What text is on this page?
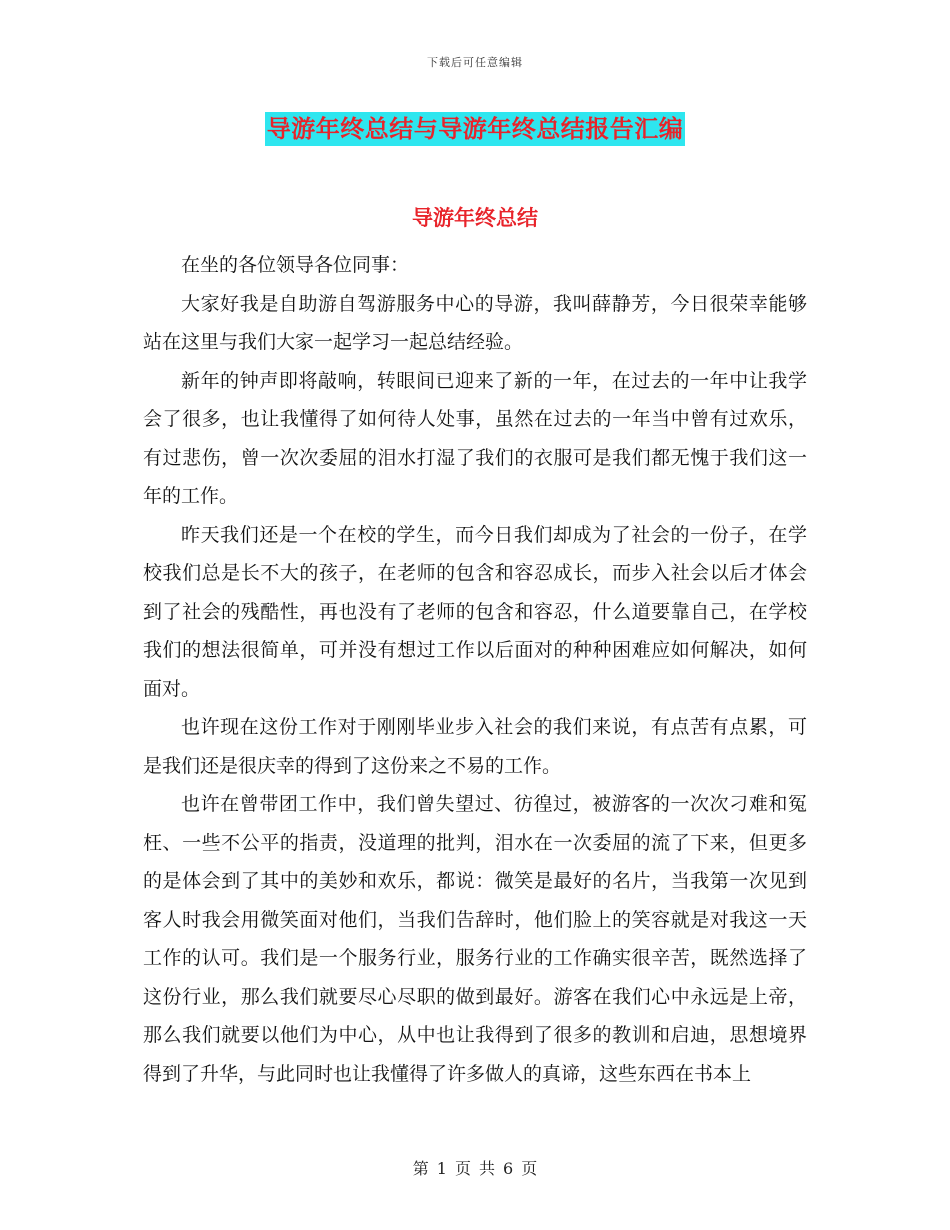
下载后可任意编辑
导游年终总结与导游年终总结报告汇编
导游年终总结

在坐的各位领导各位同事：

大家好我是自助游自驾游服务中心的导游，我叫薛静芳，今日很荣幸能够站在这里与我们大家一起学习一起总结经验。

新年的钟声即将敲响，转眼间已迎来了新的一年，在过去的一年中让我学会了很多，也让我懂得了如何待人处事，虽然在过去的一年当中曾有过欢乐，有过悲伤，曾一次次委屈的泪水打湿了我们的衣服可是我们都无愧于我们这一年的工作。

昨天我们还是一个在校的学生，而今日我们却成为了社会的一份子，在学校我们总是长不大的孩子，在老师的包含和容忍成长，而步入社会以后才体会到了社会的残酷性，再也没有了老师的包含和容忍，什么道要靠自己，在学校我们的想法很简单，可并没有想过工作以后面对的种种困难应如何解决，如何面对。

也许现在这份工作对于刚刚毕业步入社会的我们来说，有点苦有点累，可是我们还是很庆幸的得到了这份来之不易的工作。

也许在曾带团工作中，我们曾失望过、彷徨过，被游客的一次次刁难和冤枉、一些不公平的指责，没道理的批判，泪水在一次委屈的流了下来，但更多的是体会到了其中的美妙和欢乐，都说：微笑是最好的名片，当我第一次见到客人时我会用微笑面对他们，当我们告辞时，他们脸上的笑容就是对我这一天工作的认可。我们是一个服务行业，服务行业的工作确实很辛苦，既然选择了这份行业，那么我们就要尽心尽职的做到最好。游客在我们心中永远是上帝，那么我们就要以他们为中心，从中也让我得到了很多的教训和启迪，思想境界得到了升华，与此同时也让我懂得了许多做人的真谛，这些东西在书本上

第 1 页 共 6 页
